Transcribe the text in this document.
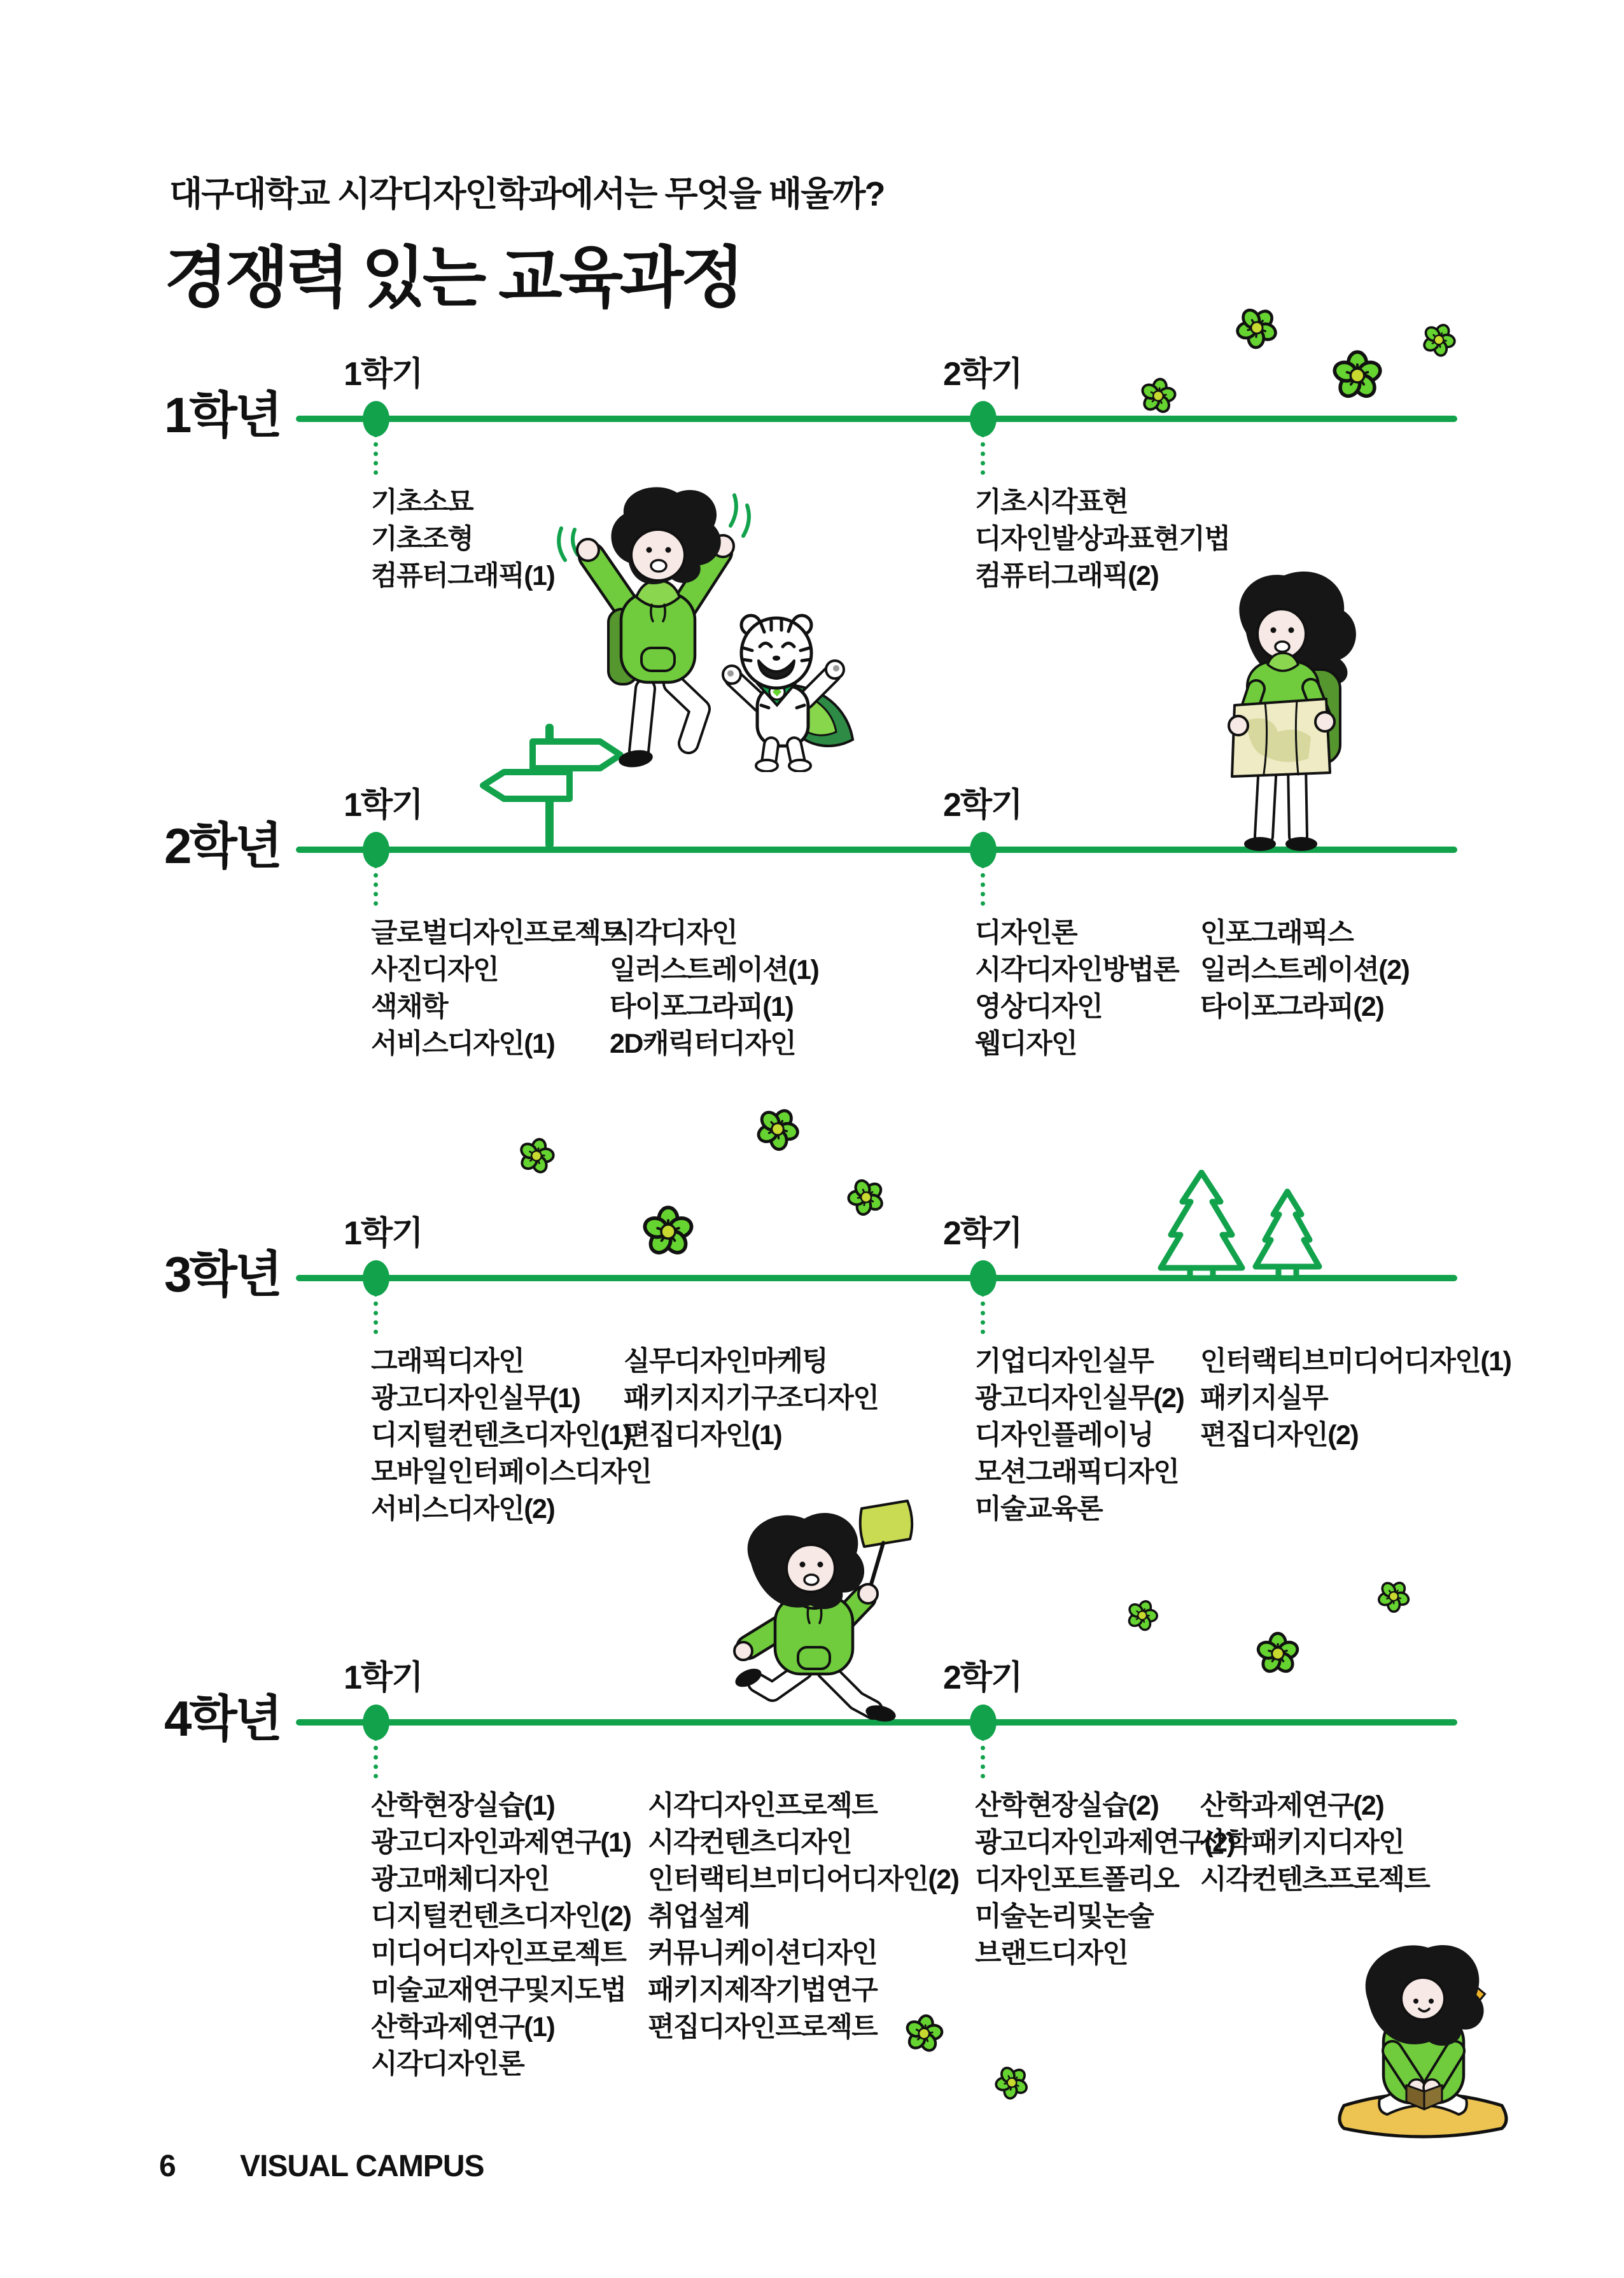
대구대학교 시각디자인학과에서는 무엇을 배울까?
경쟁력 있는 교육과정
1학년
1학기	2학기
기초소묘
기초조형
컴퓨터그래픽(1)
기초시각표현
디자인발상과표현기법
컴퓨터그래픽(2)
2학년
1학기	2학기
글로벌디자인프로젝트
사진디자인
색채학
서비스디자인(1)
시각디자인
일러스트레이션(1)
타이포그라피(1)
2D캐릭터디자인
디자인론
시각디자인방법론
영상디자인
웹디자인
인포그래픽스
일러스트레이션(2)
타이포그라피(2)
3학년
1학기	2학기
그래픽디자인
광고디자인실무(1)
디지털컨텐츠디자인(1)
모바일인터페이스디자인
서비스디자인(2)
실무디자인마케팅
패키지지기구조디자인
편집디자인(1)
기업디자인실무
광고디자인실무(2)
디자인플레이닝
모션그래픽디자인
미술교육론
인터랙티브미디어디자인(1)
패키지실무
편집디자인(2)
4학년
1학기	2학기
산학현장실습(1)
광고디자인과제연구(1)
광고매체디자인
디지털컨텐츠디자인(2)
미디어디자인프로젝트
미술교재연구및지도법
산학과제연구(1)
시각디자인론
시각디자인프로젝트
시각컨텐츠디자인
인터랙티브미디어디자인(2)
취업설계
커뮤니케이션디자인
패키지제작기법연구
편집디자인프로젝트
산학현장실습(2)
광고디자인과제연구(2)
디자인포트폴리오
미술논리및논술
브랜드디자인
산학과제연구(2)
산학패키지디자인
시각컨텐츠프로젝트
6 VISUAL CAMPUS
